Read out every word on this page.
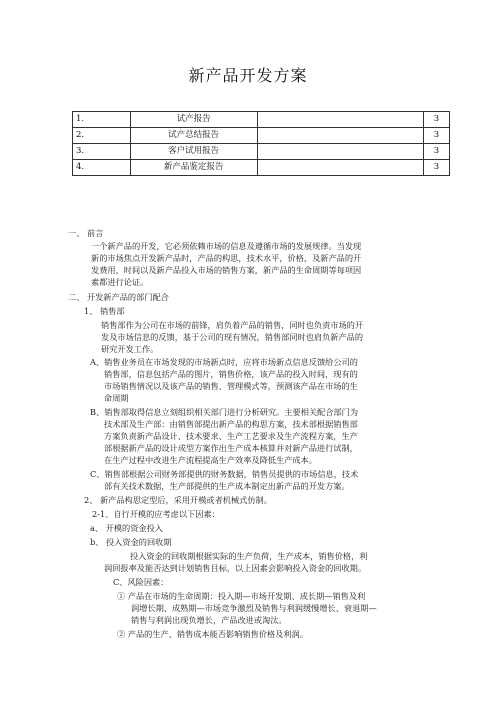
新产品开发方案
1.	试产报告		3
2.	试产总结报告		3
3.	客户试用报告		3
4.	新产品鉴定报告		3
一、 前言
一个新产品的开发，它必须依赖市场的信息及遵循市场的发展规律。当发现
新的市场焦点开发新产品时，产品的构思，技术水平，价格，及新产品的开
发费用，时间以及新产品投入市场的销售方案，新产品的生命周期等每项因
素都进行论证。
二、 开发新产品的部门配合
1、 销售部
销售部作为公司在市场的前锋，肩负着产品的销售，同时也负责市场的开
发及市场信息的反馈，基于公司的现有情况，销售部同时也肩负新产品的
研究开发工作。
A、销售业务员在市场发现的市场新点时，应将市场新点信息反馈给公司的
销售部，信息包括产品的图片，销售价格，该产品的投入时间，现有的
市场销售情况以及该产品的销售、管理模式等，预测该产品在市场的生
命周期
B、销售部取得信息立刻组织相关部门进行分析研究。主要相关配合部门为
技术部及生产部：由销售部提出新产品的构思方案，技术部根据销售部
方案负责新产品设计、技术要求、生产工艺要求及生产流程方案，生产
部根据新产品的设计成型方案作出生产成本核算并对新产品进行试制，
在生产过程中改进生产流程提高生产效率及降低生产成本。
C、销售部根据公司财务部提供的财务数据，销售员提供的市场信息，技术
部有关技术数据，生产部提供的生产成本制定出新产品的开发方案。
2、 新产品构思定型后，采用开模或者机械式仿制。
2-1、自行开模的应考虑以下因素：
a、 开模的资金投入
b、 投入资金的回收期
投入资金的回收期根据实际的生产负荷，生产成本，销售价格，利
润回报率及能否达到计划销售目标，以上因素会影响投入资金的回收期。
C、风险因素：
① 产品在市场的生命周期：投入期—市场开发期、成长期—销售及利
润增长期、成熟期—市场竞争激烈及销售与利润缓慢增长、衰退期—
销售与利润出现负增长，产品改进或淘汰。
② 产品的生产、销售成本能否影响销售价格及利润。
